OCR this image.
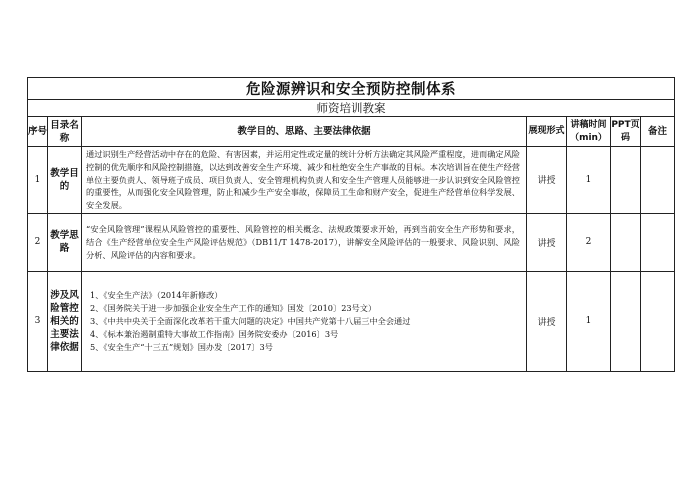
危险源辨识和安全预防控制体系						
师资培训教案						
序号	目录名称	教学目的、思路、主要法律依据	展现形式	讲稿时间（min）	PPT页码	备注
1	教学目的	通过识别生产经营活动中存在的危险、有害因素，并运用定性或定量的统计分析方法确定其风险严重程度，进而确定风险控制的优先顺序和风险控制措施，以达到改善安全生产环境、减少和杜绝安全生产事故的目标。本次培训旨在使生产经营单位主要负责人、领导班子成员、项目负责人、安全管理机构负责人和安全生产管理人员能够进一步认识到安全风险管控的重要性，从而强化安全风险管理，防止和减少生产安全事故，保障员工生命和财产安全，促进生产经营单位科学发展、安全发展。	讲授	1		
2	教学思路	“安全风险管理”课程从风险管控的重要性、风险管控的相关概念、法规政策要求开始，再到当前安全生产形势和要求，结合《生产经营单位安全生产风险评估规范》（DB11/T 1478-2017），讲解安全风险评估的一般要求、风险识别、风险分析、风险评估的内容和要求。	讲授	2		
3	涉及风险管控相关的主要法律依据	1、《安全生产法》（2014年新修改）
2、《国务院关于进一步加强企业安全生产工作的通知》国发〔2010〕23号文）
3、《中共中央关于全面深化改革若干重大问题的决定》中国共产党第十八届三中全会通过
4、《标本兼治遏制重特大事故工作指南》国务院安委办〔2016〕3号
5、《安全生产“十三五”规划》国办发〔2017〕3号	讲授	1		
